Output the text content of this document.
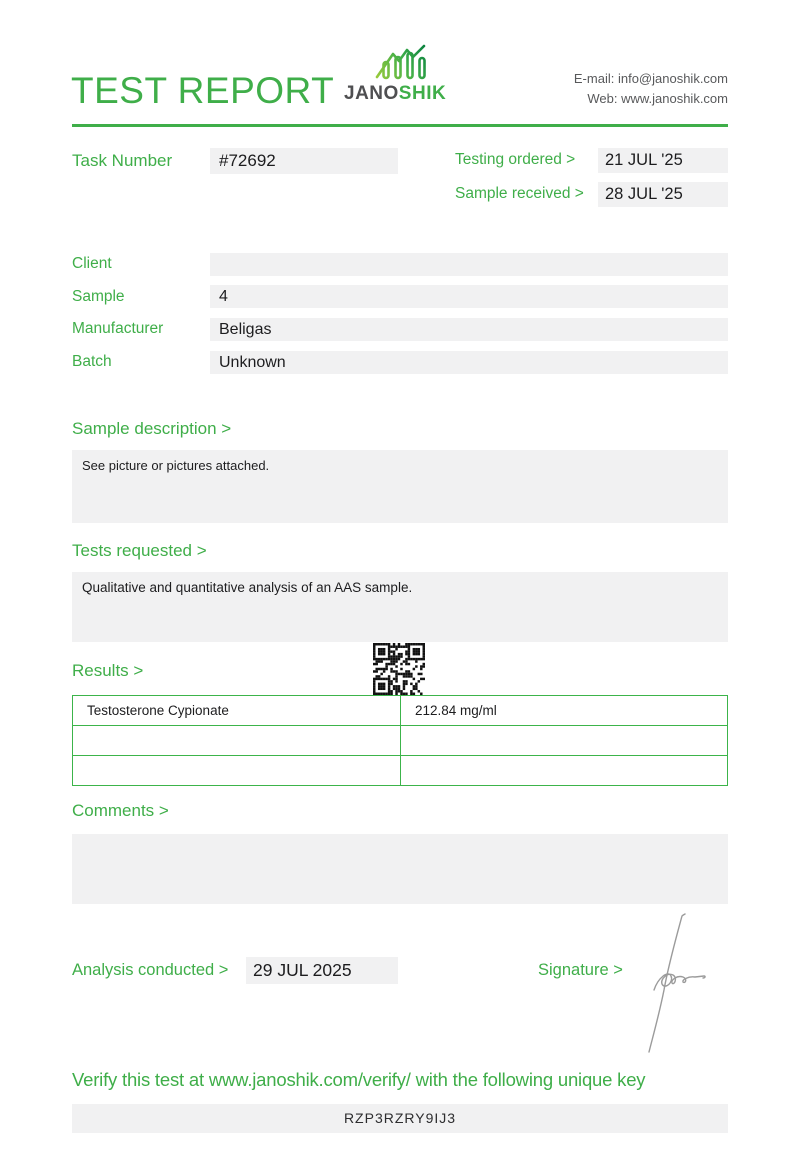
TEST REPORT JANOSHIK
E-mail: info@janoshik.com
Web: www.janoshik.com
Task Number	#72692	Testing ordered >	21 JUL '25
Sample received >	28 JUL '25
Client
Sample	4
Manufacturer	Beligas
Batch	Unknown
Sample description >
See picture or pictures attached.
Tests requested >
Qualitative and quantitative analysis of an AAS sample.
Results >
Testosterone Cypionate	212.84 mg/ml

Comments >
Analysis conducted >	29 JUL 2025	Signature >
Verify this test at www.janoshik.com/verify/ with the following unique key
RZP3RZRY9IJ3
